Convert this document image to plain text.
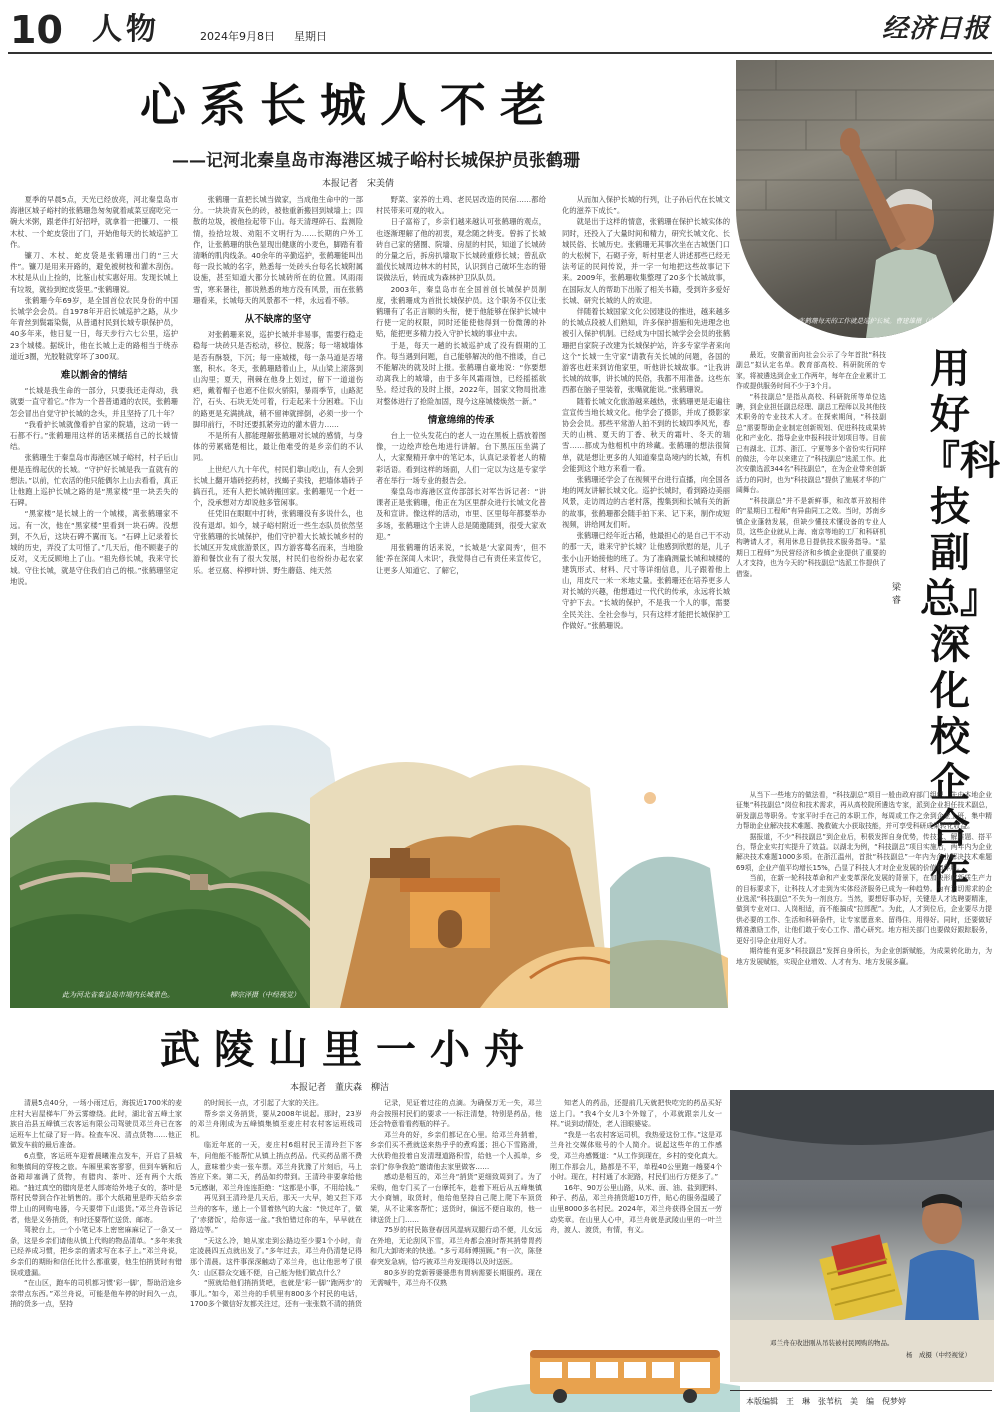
10 人物	2024年9月8日 星期日	经济日报
心系长城人不老
——记河北秦皇岛市海港区城子峪村长城保护员张鹤珊
本报记者　宋美倩
张鹤珊每天的工作就是巡护长城。曹建雄摄（中经视觉）

夏季的早晨5点，天光已经放亮，河北秦皇岛市海港区城子峪村的张鹤珊急匆匆就着咸菜豆腐吃完一碗大米粥，跟老伴打好招呼，就拿着一把镰刀、一根木杖、一个蛇皮袋出了门，开始他每天的长城巡护工作。

镰刀、木杖、蛇皮袋是张鹤珊出门的“三大件”。镰刀是用来开路的，避免被树枝和灌木刮伤。木杖是从山上捡的，比鉴山杖实惠好用。发现长城上有垃圾，就捡到蛇皮袋里。”张鹤珊说。

张鹤珊今年69岁，是全国首位农民身份的中国长城学会会员。自1978年开启长城巡护之路，从少年青丝到鬓霜染鬓，从普通村民到长城专职保护员，40多年来，他日复一日，每天步行六七公里，巡护23个城楼。据统计，他在长城上走的路相当于绕赤道近3圈，光胶鞋就穿坏了300双。

难以割舍的情结

“长城是我生命的一部分，只要我还走得动，我就要一直守着它。”作为一个普普通通的农民，张鹤珊怎会冒出自觉守护长城的念头，并且坚持了几十年？

“我看护长城就像看护自家的院墙，这动一砖一石都不行。”张鹤珊用这样的话来概括自己的长城情结。

张鹤珊生于秦皇岛市海港区城子峪村，村子后山便是连绵起伏的长城。“守护好长城是我一直就有的想法。”以前，忙农活的他只能偶尔上山去看看，真正让他跑上巡护长城之路的是“黑家楼”里一块丢失的石碑。

“黑家楼”是长城上的一个城楼，离张鹤珊家不远。有一次，他在“黑家楼”里看到一块石碑。没想到，不久后，这块石碑不翼而飞。“石碑上记录着长城的历史，弄没了太可惜了。”几天后，他不顾妻子的反对，义无反顾地上了山。“祖先修长城，我来守长城。守住长城，就是守住我们自己的根。”张鹤珊坚定地说。

张鹤珊一直把长城当做家，当成他生命中的一部分。一块块青灰色的砖，被他重新搬回到城墙上；四散的垃圾，被他捡起带下山。每天清理碎石、监测险情，捡拾垃圾、劝阻不文明行为……长期的户外工作，让张鹤珊的肤色显现出健康的小麦色，脚踏有着清晰的肌肉线条。40余年的辛勤巡护，张鹤珊能叫出每一段长城的名字，熟悉每一处砖头台每名长城附属设施，甚至知道大都分长城砖所在的位置。风雨雨雪，寒来暑往，都说熟悉的地方没有风景，而在张鹤珊看来，长城每天的风景都不一样，永远看不够。

从不缺席的坚守

对张鹤珊来说，巡护长城并非易事，需要行稳走稳每一块砖只是否松动，移位、脱落；每一堵城墙体是否有酥裂，下沉；每一座城楼，每一条马道是否堵塞，积水。冬天，张鹤珊踏着山上，从山梁上滚落到山沟里；夏天，荆棘在他身上划过，留下一道道伤疤，戴着帽子也遮不住似火骄阳，暴雨季节，山路泥泞，石头、石块无处可着，行走起来十分困难。下山的路更是充满挑战，稍不留神就摔倒，必须一步一个脚印前行，不时还要抓紧旁边的灌木借力……

不是所有人都能理解张鹤珊对长城的感情，与身体的劳累痛楚相比，最让他难受的是乡亲们的不认同。

上世纪八九十年代，村民们靠山吃山，有人会到长城上翻开墙砖挖药材，找蝎子卖钱，把墙体墙砖子搞百孔，还有人把长城砖搬回家。张鹤珊见一个赶一个，没承想对方却说他多管闲事。

任凭旧在眼眶中打转，张鹤珊没有多说什么，也没有退却。如今，城子峪村附近一些生态队员依然坚守张鹤珊的长城保护，他们守护着大长城长城乡村的长城区开发成旅游景区，四方游客蓦名而来，当地脸游和餐饮业有了很大发展，村民们也纷纷办起农家乐。老豆腐、梓椤叶饼、野生蘑菇、纯天然

野菜、家养的土鸡、老民居改造的民宿……都给村民带来可观的收入。

日子富裕了，乡亲们越来越认可张鹤珊的观点，也逐渐理解了他的初衷，观念随之转变。曾拆了长城砖自己家的猪圈、院墙、房屋的村民，知道了长城砖的分量之后，拆房扒墙取下长城砖重修长城；曾乱砍滥伐长城周边林木的村民，认识到自己破坏生态的错误做法后，转而成为森林护卫队队员。

2003年，秦皇岛市在全国首创长城保护员制度，张鹤珊成为首批长城保护员。这个职务不仅让张鹤珊有了名正言顺的头衔，便于他能够在保护长城中行使一定的权限，同时还能使他得到一份微薄的补贴，能把更多精力投入守护长城的事业中去。

于是，每天一趟的长城巡护成了没有假期的工作。每当遇到问题，自己能够解决的他不推诿，自己不能解决的就及时上报。张鹤珊自豪地说：“你要想动离我上的城墙，由于多年风霜雨蚀，已经摇摇欲坠。经过我的及时上报，2022年，国家文物局批准对整体进行了抢险加固，现今这座城楼焕然一新。”

情意绵绵的传承

台上一位头发花白的老人一边在黑板上搭放着图像，一边绘声绘色地进行讲解。台下黑压压坐满了人，大家聚精开拿中的笔记本，认真记录着老人的精彩话语。看到这样的场面，人们一定以为这是专家学者在举行一场专业的报告会。

秦皇岛市海港区宣传部部长对军告诉记者：“讲课者正是张鹤珊，他正在为区里群众进行长城文化普及和宣讲。像这样的活动，市里、区里每年都要举办多场，张鹤珊这个主讲人总是随邀随到，很受大家欢迎。”

用张鹤珊的话来说，“长城是‘大家闺秀’，但不能‘养在深闺人未识’，我觉得自己有责任来宣传它，让更多人知道它、了解它，

从而加入保护长城的行列，让子孙后代在长城文化的滋养下成长”。

就是出于这样的情意，张鹤珊在保护长城实体的同时，还投入了大量时间和精力，研究长城文化、长城民俗、长城历史。张鹤珊无其事次坐在古城堡门口的大松树下，石砌子旁，听村里老人讲述那些已经无法考证的民间传说，并一字一句地把这些故事记下来。2009年，张鹤珊收集整理了20多个长城故事，在国际友人的帮助下出版了相关书籍，受到许多爱好长城、研究长城的人的欢迎。

伴随着长城国家文化公园建设的推进，越来越多的长城点段被人们熟知，许多保护措施和先进理念也被引入保护机制。已经成为中国长城学会会员的张鹤珊把自家院子改建为长城保护站，许多专家学者来向这个“长城一生守家”请教有关长城的问题，各国的游客也赶来到访他家里，听他讲长城故事。“让我讲长城的故事，讲长城的民俗，我都不用准备。这些东西都在脑子里装着，张嘴就能说。”张鹤珊说。

随着长城文化旅游越来越热，张鹤珊更是走遍往宣宣传当地长城文化。他学会了摄影，并成了摄影家协会会员。那些平常游人拍不到的长城四季风光，春天的山桃、夏天的丁香、秋天的霜叶、冬天的瑞雪……都成为他相机中的珍藏。张鹤珊的想法很简单，就是想让更多的人知道秦皇岛境内的长城，有机会能到这个地方来看一看。

张鹤珊还学会了在视频平台进行直播，向全国各地的网友讲解长城文化。巡护长城时，看到路边美丽风景，走访周边的古老村落，搜集到和长城有关的新的故事，张鹤珊都会随手拍下来、记下来，制作成短视频，讲给网友们听。

张鹤珊已经年近古稀，他最担心的是自己干不动的那一天，谁来守护长城？让他感到欣慰的是，儿子张小山开始接他的班了。为了准确测量长城和城楼的建筑形式、材料、尺寸等详细信息，儿子跟着他上山，用皮尺一米一米地丈量。张鹤珊还在培养更多人对长城的兴趣，他想通过一代代的传承，永远将长城守护下去。“长城的保护，不是我一个人的事，需要全民关注、全社会参与，只有这样才能把长城保护工作做好。”张鹤珊说。

此为河北省秦皇岛市境内长城景色。	柳宗泽摄（中经视觉）
用好『科技副总』深化校企合作
梁睿

最近，安徽省面向社会公示了今年首批“科技副总”拟认定名单。教育部高校、科研院所的专家，将被遴选到企业工作两年，每年在企业累计工作或提供服务时间不少于3个月。

“科技副总”是指从高校、科研院所等单位选聘，到企业担任副总经理、副总工程师以及其他技术职务的专业技术人才。在探索期间，“科技副总”需要帮助企业制定创新规划、促进科技成果转化和产业化、指导企业申报科技计划项目等。目前已有湖北、江苏、浙江、宁夏等多个省份实行同样的做法，今年以来建立了“科技副总”选派工作。此次安徽选派344名“科技副总”，在为企业带来创新活力的同时，也为“科技副总”提供了施展才华的广阔舞台。

“科技副总”并不是新鲜事，和改革开放相伴的“星期日工程师”有异曲同工之效。当时，苏南乡镇企业蓬勃发展，但缺少懂技术懂设备的专业人员，这些企业就从上海、南京等地的工厂和科研机构聘请人才，利用休息日提供技术服务指导。“星期日工程师”为民营经济和乡镇企业提供了重要的人才支持，也为今天的“科技副总”选派工作提供了借鉴。

从当下一些地方的做法看，“科技副总”项目一般由政府部门组织，先由本地企业征集“科技副总”岗位和技术需求，再从高校院所遴选专家，派到企业担任技术副总，研发副总等职务。专家平时手在己的本职工作，每周或工作之余到企业上班，集中精力帮助企业解决技术难题、挽救破大小获取技能，并可享受科研成果转化收益。

据报道，不少“科技副总”到企业后，积极发挥自身优势，传技术、解难题、搭平台，帮企业实打实提升了效益。以湖北为例，“科技副总”项目实施后，两年内为企业解决技术难题1000多项。在浙江温州，首批“科技副总”一年内为企业解决技术难题69项，企业产值平均增长15%，凸显了科技人才对企业发展的价值和作用。

当前，在新一轮科技革命和产业变革深化发展的背景下，在加快形成新质生产力的目标要求下，让科技人才走到为实体经济服务已成为一种趋势。为有迫切需求的企业选派“科技副总”不失为一剂良方。当然，要想好事办好，关键是人才选聘要精准，做到专业对口、人岗相适，而不能搞成“拉郎配”。为此，人才到位后，企业要尽力提供必要的工作、生活和科研条件，让专家愿意来、留得住、用得好。同时，还要做好精准激励工作，让他们敢于安心工作、潜心研究。地方相关部门也要做好跟踪服务，更好引导企业用好人才。

期待能有更多“科技副总”发挥自身所长，为企业创新赋能，为成果转化助力，为地方发展赋能，实现企业增效、人才有为、地方发展多赢。

武陵山里一小舟
本报记者　董庆森　柳洁

清晨5点40分，一场小雨过后，海拔近1700米的麦庄村大岩屋梯车厂外云雾缭绕。此时，湖北省五峰土家族自治县五峰镇三农客运有限公司驾驶员邓兰舟已在客运班车上忙碌了好一阵。检查车况、清点货物……他正做发车前的最后准备。

6点整，客运班车迎着晨曦准点发车，开启了县城和集镇间的穿梭之旅。车厢里乘客寥寥，但到车辆和后备箱却塞满了货物，有腊肉、茶叶、还有两个大纸箱。“抽过真空的腊肉是老人郎寄给外地子女的，茶叶是帮村民带到合作社销售的。那个大纸箱里是昨天给乡亲带上山的网购电器，今天要带下山退货。”邓兰舟告诉记者，他是义务捎货，有时还要帮忙送货、邮寄。

驾驶台上，一个小笔记本上密密麻麻记了一条又一条，这是乡亲们请他从镇上代购的物品清单。“多年来我已经养成习惯，把乡亲的需求写在本子上。”邓兰舟说，乡亲们的期盼和信任比什么都重要，他生怕捎货时有错误或遗漏。

“在山区，跑车的司机都习惯‘彩一脚’，帮助沿途乡亲带点东西。”邓兰舟说，可能是他车停的时间久一点，捎的货多一点，坚持

的时间长一点，才引起了大家的关注。

帮乡亲义务捎货，要从2008年说起。那时，23岁的邓兰舟刚成为五峰镇集镇至麦庄村农村客运班线司机。

临近年底的一天，麦庄村6组村民王清玲拦下客车，问他能不能帮忙从镇上捎点药品。代买药品需不费人，意味着少卖一张车票。邓兰舟犹豫了片刻后，马上答应下来。第二天，药品如约带到。王清玲非要拿给他5元感谢，邓兰舟连连拒绝：“这都是小事，不用给钱。”

再见到王清玲是几天后，那天一大早，她又拦下邓兰舟的客车，递上一个冒着热气的大盆：“快过年了，做了‘赤猪饭’，给你送一盆。”我怕错过你的车，早早就在路边等。”

“天这么冷，她从家走到公路边至少要1个小时，肯定凌晨四五点就出发了。”多年过去，邓兰舟仍清楚记得那个清晨。这件事深深触动了邓兰舟，也让他思考了很久：山区群众交通不便，自己能为他们做点什么？

“照就给他们捎捎货吧，也就是‘彩一脚’‘跑两步’的事儿。”如今，邓兰舟的手机里有800多个村民的电话，1700多个微信好友都关注过，还有一张张数不清的捎货

记录，见证着过往的点滴。为确保万无一失，邓兰舟会按照村民们的要求一一标注清楚，特别是药品，他还会特意看看药瓶的样子。

邓兰舟的好，乡亲们都记在心里。给邓兰舟捎着，乡亲们买不煮就送来热乎乎的煮鸡蛋；担心下雪路滑，大伙聆他投着自发清理道路积雪，给他一个人孤单，乡亲们“你争我抢”邀请他去家里做客……

感动是相互的，邓兰舟“捎货”更细致周到了。为了采购，他专门买了一台摩托车，趁着下班后从五峰集镇大小商铺，取货时，他给他坚持自己爬上爬下车顶货架，从不让乘客帮忙；送货时，偏远不便自取的，他一律送货上门……

75岁的村民陈登春因风湿病双腿行动不便，儿女远在外地，无论刮风下雪，邓兰舟都会准时帮其捎带胃药和几大卸寄来的快递。“多亏邓师傅照顾。”有一次，陈登春突发急病，恰巧被邓兰舟发现得以及时送医。

80多岁的党新蓉婆婆患有胃病需要长期服药。现在无需喊牛，邓兰舟不仅熟

知老人的药品，还提前几天就把快吃完的药品买好送上门。“我4个女儿3个外嫁了，小邓就跟亲儿女一样。”说到动情处，老人泪眼婆娑。

“我是一名农村客运司机，我热爱这份工作。”这是邓兰舟社交媒体账号的个人简介。说起这些年的工作感受，邓兰舟感慨道：“从工作到现在，乡村的变化真大。刚工作那会儿，路都是不平，单程40公里跑一趟要4个小时。现在，村村通了水泥路，村民们出行方便多了。”

16年、90万公里山路，从米、面、油、盐到肥料、种子、药品，邓兰舟捎货超10万件，贴心的服务温暖了山里8000多名村民。2024年，邓兰舟获得全国五一劳动奖章。在山里人心中，邓兰舟就是武陵山里的一叶兰舟，渡人、渡货，有情，有义。

邓兰舟在收进刚从吊装被村民网购的物品。
杨　成摄（中经视觉）
本版编辑　王　琳　张苇杭　美　编　倪梦婷
